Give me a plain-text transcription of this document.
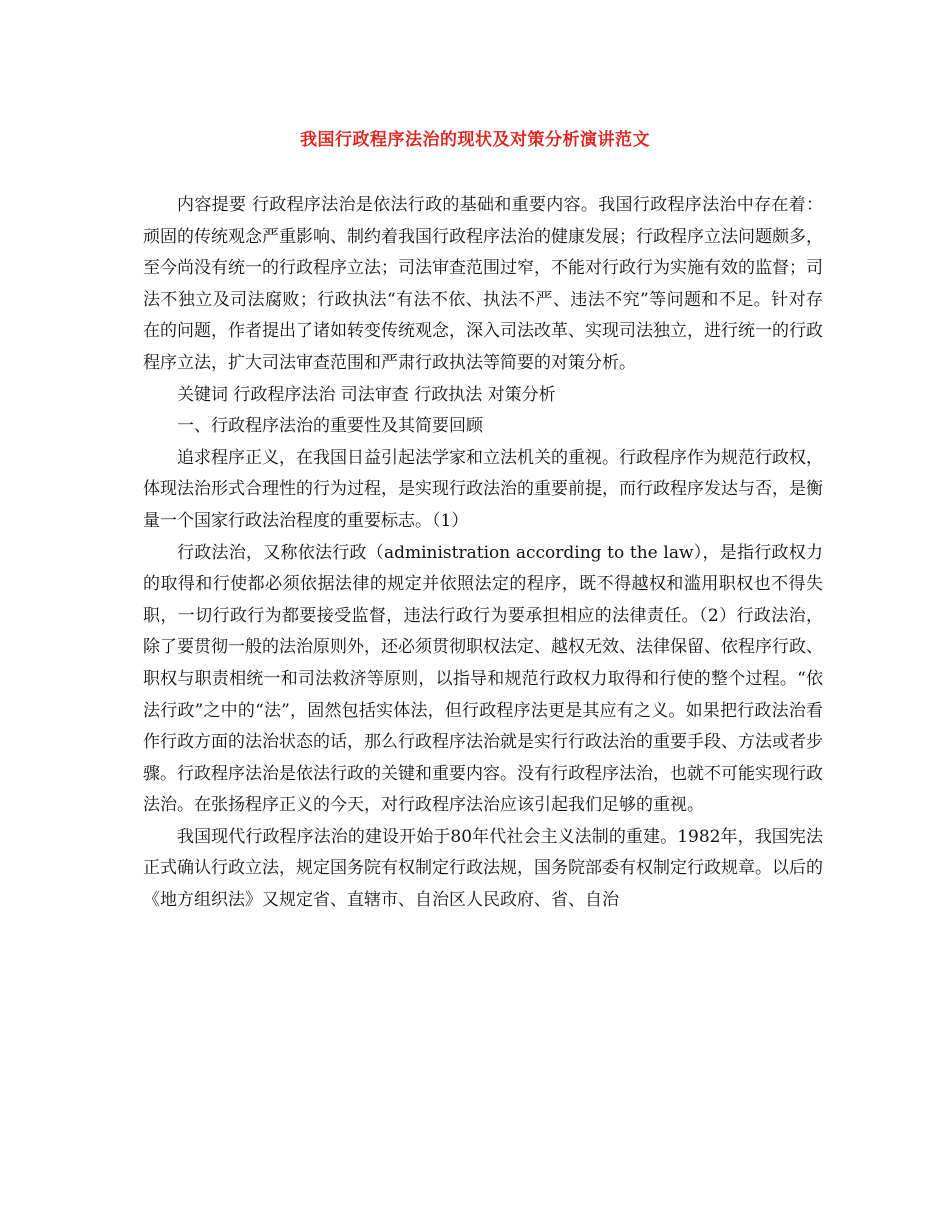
我国行政程序法治的现状及对策分析演讲范文

内容提要 行政程序法治是依法行政的基础和重要内容。我国行政程序法治中存在着：顽固的传统观念严重影响、制约着我国行政程序法治的健康发展；行政程序立法问题颇多，至今尚没有统一的行政程序立法；司法审查范围过窄，不能对行政行为实施有效的监督；司法不独立及司法腐败；行政执法“有法不依、执法不严、违法不究”等问题和不足。针对存在的问题，作者提出了诸如转变传统观念，深入司法改革、实现司法独立，进行统一的行政程序立法，扩大司法审查范围和严肃行政执法等简要的对策分析。

关键词 行政程序法治 司法审查 行政执法 对策分析

一、行政程序法治的重要性及其简要回顾

追求程序正义，在我国日益引起法学家和立法机关的重视。行政程序作为规范行政权，体现法治形式合理性的行为过程，是实现行政法治的重要前提，而行政程序发达与否，是衡量一个国家行政法治程度的重要标志。（1）

行政法治，又称依法行政（administration according to the law），是指行政权力的取得和行使都必须依据法律的规定并依照法定的程序，既不得越权和滥用职权也不得失职，一切行政行为都要接受监督，违法行政行为要承担相应的法律责任。（2）行政法治，除了要贯彻一般的法治原则外，还必须贯彻职权法定、越权无效、法律保留、依程序行政、职权与职责相统一和司法救济等原则，以指导和规范行政权力取得和行使的整个过程。“依法行政”之中的“法”，固然包括实体法，但行政程序法更是其应有之义。如果把行政法治看作行政方面的法治状态的话，那么行政程序法治就是实行行政法治的重要手段、方法或者步骤。行政程序法治是依法行政的关键和重要内容。没有行政程序法治，也就不可能实现行政法治。在张扬程序正义的今天，对行政程序法治应该引起我们足够的重视。

我国现代行政程序法治的建设开始于80年代社会主义法制的重建。1982年，我国宪法正式确认行政立法，规定国务院有权制定行政法规，国务院部委有权制定行政规章。以后的《地方组织法》又规定省、直辖市、自治区人民政府、省、自治
